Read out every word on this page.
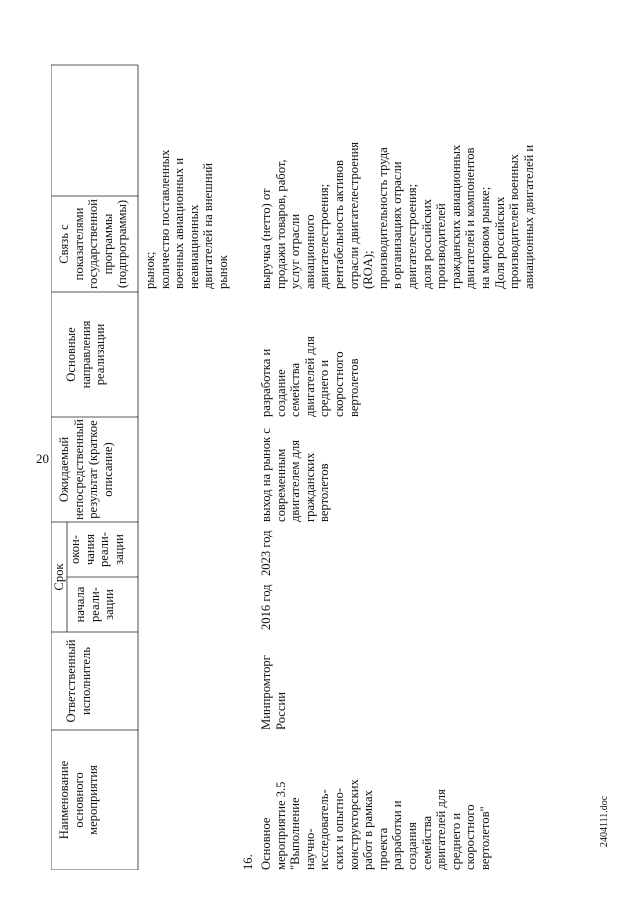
20
2404111.doc
Наименование
основного
мероприятия
Ответственный
исполнитель
Срок
начала
реали-
зации
окон-
чания
реали-
зации
Ожидаемый
непосредственный
результат (краткое
описание)
Основные
направления
реализации
Связь с показателями
государственной
программы
(подпрограммы) рынок;
количество поставленных
военных авиационных и
неавиационных
двигателей на внешний
рынок
16. Основное
мероприятие 3.5
"Выполнение
научно-
исследователь-
ских и опытно-
конструкторских
работ в рамках
проекта
разработки и
создания
семейства
двигателей для
среднего и
скоростного
вертолетов"
Минпромторг
России
2016 год
2023 год
выход на рынок с
современным
двигателем для
гражданских
вертолетов
разработка и
создание
семейства
двигателей для
среднего и
скоростного
вертолетов
выручка (нетто) от
продажи товаров, работ,
услуг отрасли
авиационного
двигателестроения;
рентабельность активов
отрасли двигателестроения
(ROA);
производительность труда
в организациях отрасли
двигателестроения;
доля российских
производителей
гражданских авиационных
двигателей и компонентов
на мировом рынке;
Доля российских
производителей военных
авиационных двигателей и
